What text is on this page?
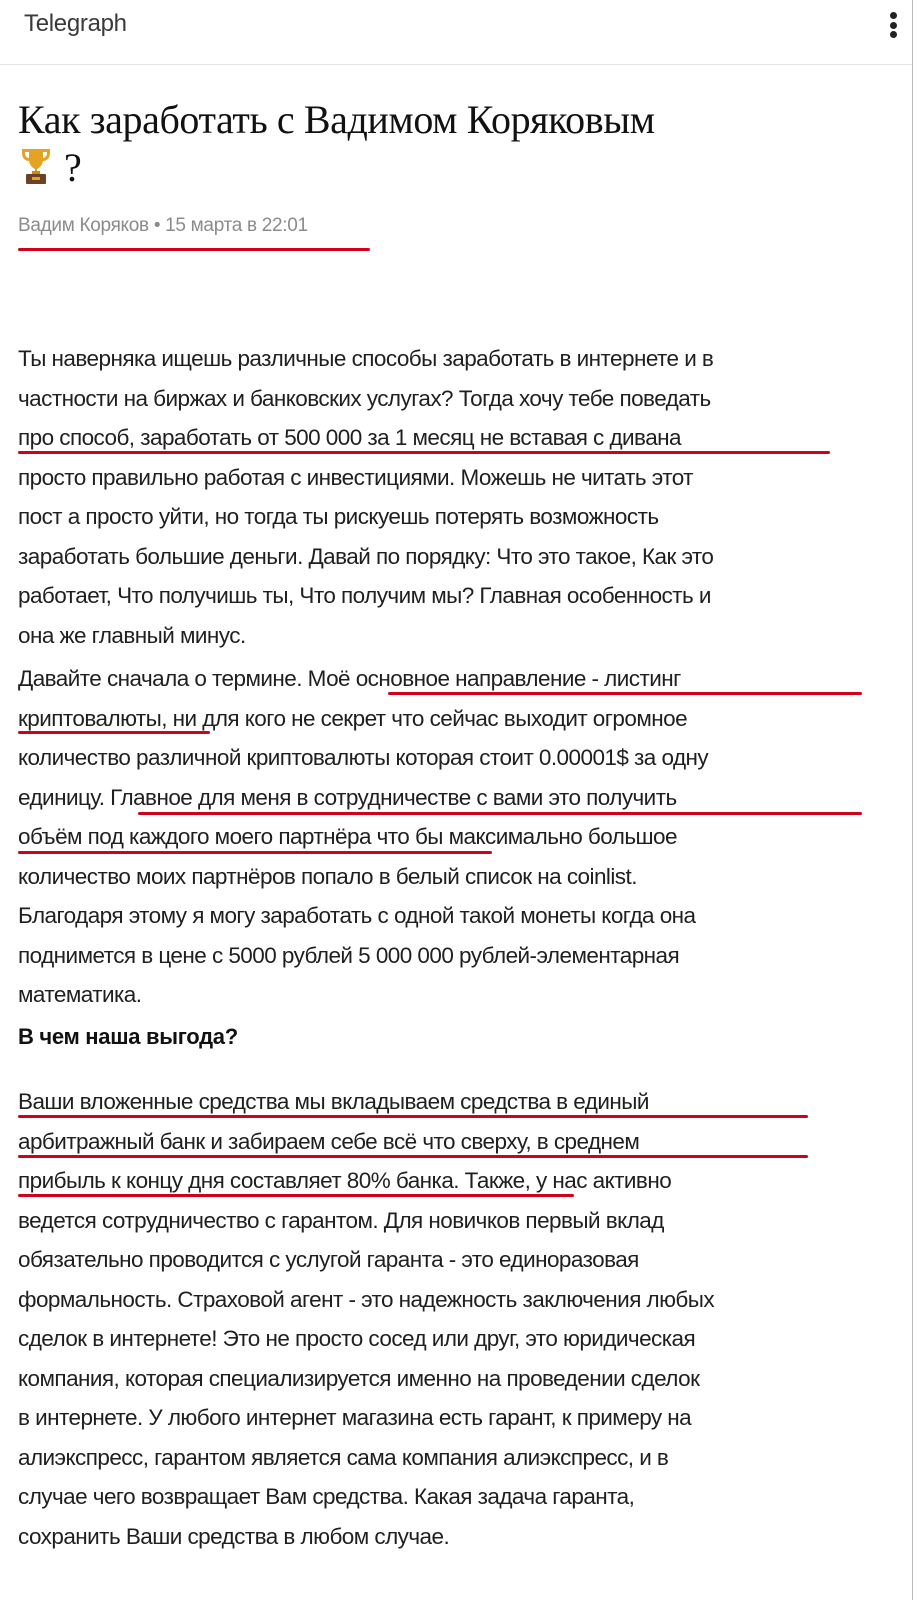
Telegraph
Как заработать с Вадимом Коряковым
?
Вадим Коряков • 15 марта в 22:01
Ты наверняка ищешь различные способы заработать в интернете и в
частности на биржах и банковских услугах? Тогда хочу тебе поведать
про способ, заработать от 500 000 за 1 месяц не вставая с дивана
просто правильно работая с инвестициями. Можешь не читать этот
пост а просто уйти, но тогда ты рискуешь потерять возможность
заработать большие деньги. Давай по порядку: Что это такое, Как это
работает, Что получишь ты, Что получим мы? Главная особенность и
она же главный минус.
Давайте сначала о термине. Моё основное направление - листинг
криптовалюты, ни для кого не секрет что сейчас выходит огромное
количество различной криптовалюты которая стоит 0.00001$ за одну
единицу. Главное для меня в сотрудничестве с вами это получить
объём под каждого моего партнёра что бы максимально большое
количество моих партнёров попало в белый список на coinlist.
Благодаря этому я могу заработать с одной такой монеты когда она
поднимется в цене с 5000 рублей 5 000 000 рублей-элементарная
математика.
В чем наша выгода?
Ваши вложенные средства мы вкладываем средства в единый
арбитражный банк и забираем себе всё что сверху, в среднем
прибыль к концу дня составляет 80% банка. Также, у нас активно
ведется сотрудничество с гарантом. Для новичков первый вклад
обязательно проводится с услугой гаранта - это единоразовая
формальность. Страховой агент - это надежность заключения любых
сделок в интернете! Это не просто сосед или друг, это юридическая
компания, которая специализируется именно на проведении сделок
в интернете. У любого интернет магазина есть гарант, к примеру на
алиэкспресс, гарантом является сама компания алиэкспресс, и в
случае чего возвращает Вам средства. Какая задача гаранта,
сохранить Ваши средства в любом случае.
